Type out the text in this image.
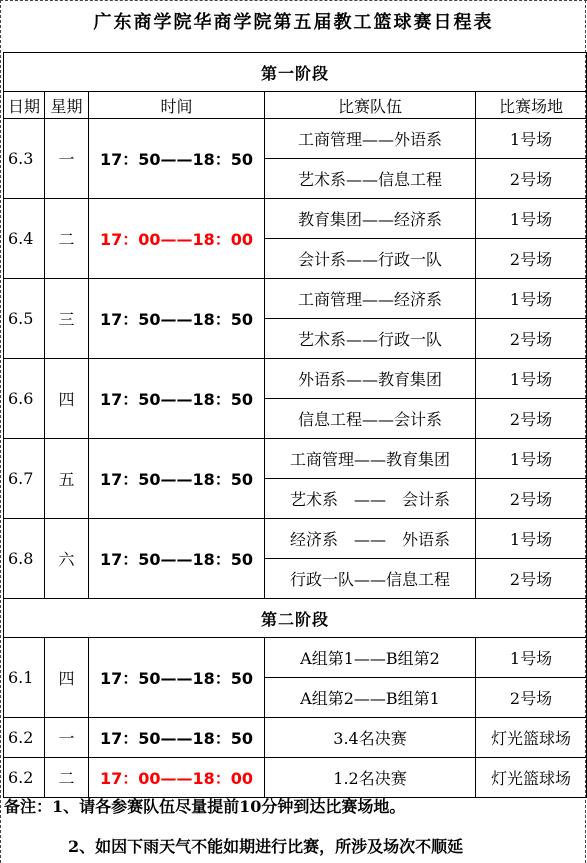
广东商学院华商学院第五届教工篮球赛日程表
第一阶段				
日期	星期	时间	比赛队伍	比赛场地
6.3	一	17：50——18：50	工商管理——外语系	1号场
			艺术系——信息工程	2号场
6.4	二	17：00——18：00	教育集团——经济系	1号场
			会计系——行政一队	2号场
6.5	三	17：50——18：50	工商管理——经济系	1号场
			艺术系——行政一队	2号场
6.6	四	17：50——18：50	外语系——教育集团	1号场
			信息工程——会计系	2号场
6.7	五	17：50——18：50	工商管理——教育集团	1号场
			艺术系　——　会计系	2号场
6.8	六	17：50——18：50	经济系　——　外语系	1号场
			行政一队——信息工程	2号场
第二阶段				
6.1	四	17：50——18：50	A组第1——B组第2	1号场
			A组第2——B组第1	2号场
6.2	一	17：50——18：50	3.4名决赛	灯光篮球场
6.2	二	17：00——18：00	1.2名决赛	灯光篮球场
备注：1、请各参赛队伍尽量提前10分钟到达比赛场地。
2、如因下雨天气不能如期进行比赛，所涉及场次不顺延
